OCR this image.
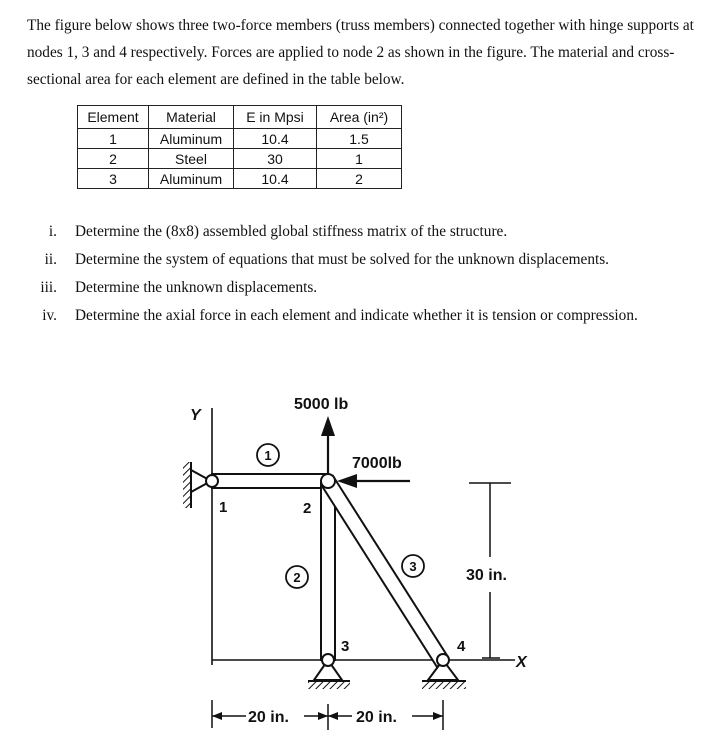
The figure below shows three two-force members (truss members) connected together with hinge supports at nodes 1, 3 and 4 respectively. Forces are applied to node 2 as shown in the figure. The material and cross-sectional area for each element are defined in the table below.

Element	Material	E in Mpsi	Area (in²)
1	Aluminum	10.4	1.5
2	Steel	30	1
3	Aluminum	10.4	2
i. Determine the (8x8) assembled global stiffness matrix of the structure.
ii. Determine the system of equations that must be solved for the unknown displacements.
iii. Determine the unknown displacements.
iv. Determine the axial force in each element and indicate whether it is tension or compression.
Y
X
1	2
3	4
1
2
3
5000 lb
7000lb
30 in.
20 in.	20 in.
